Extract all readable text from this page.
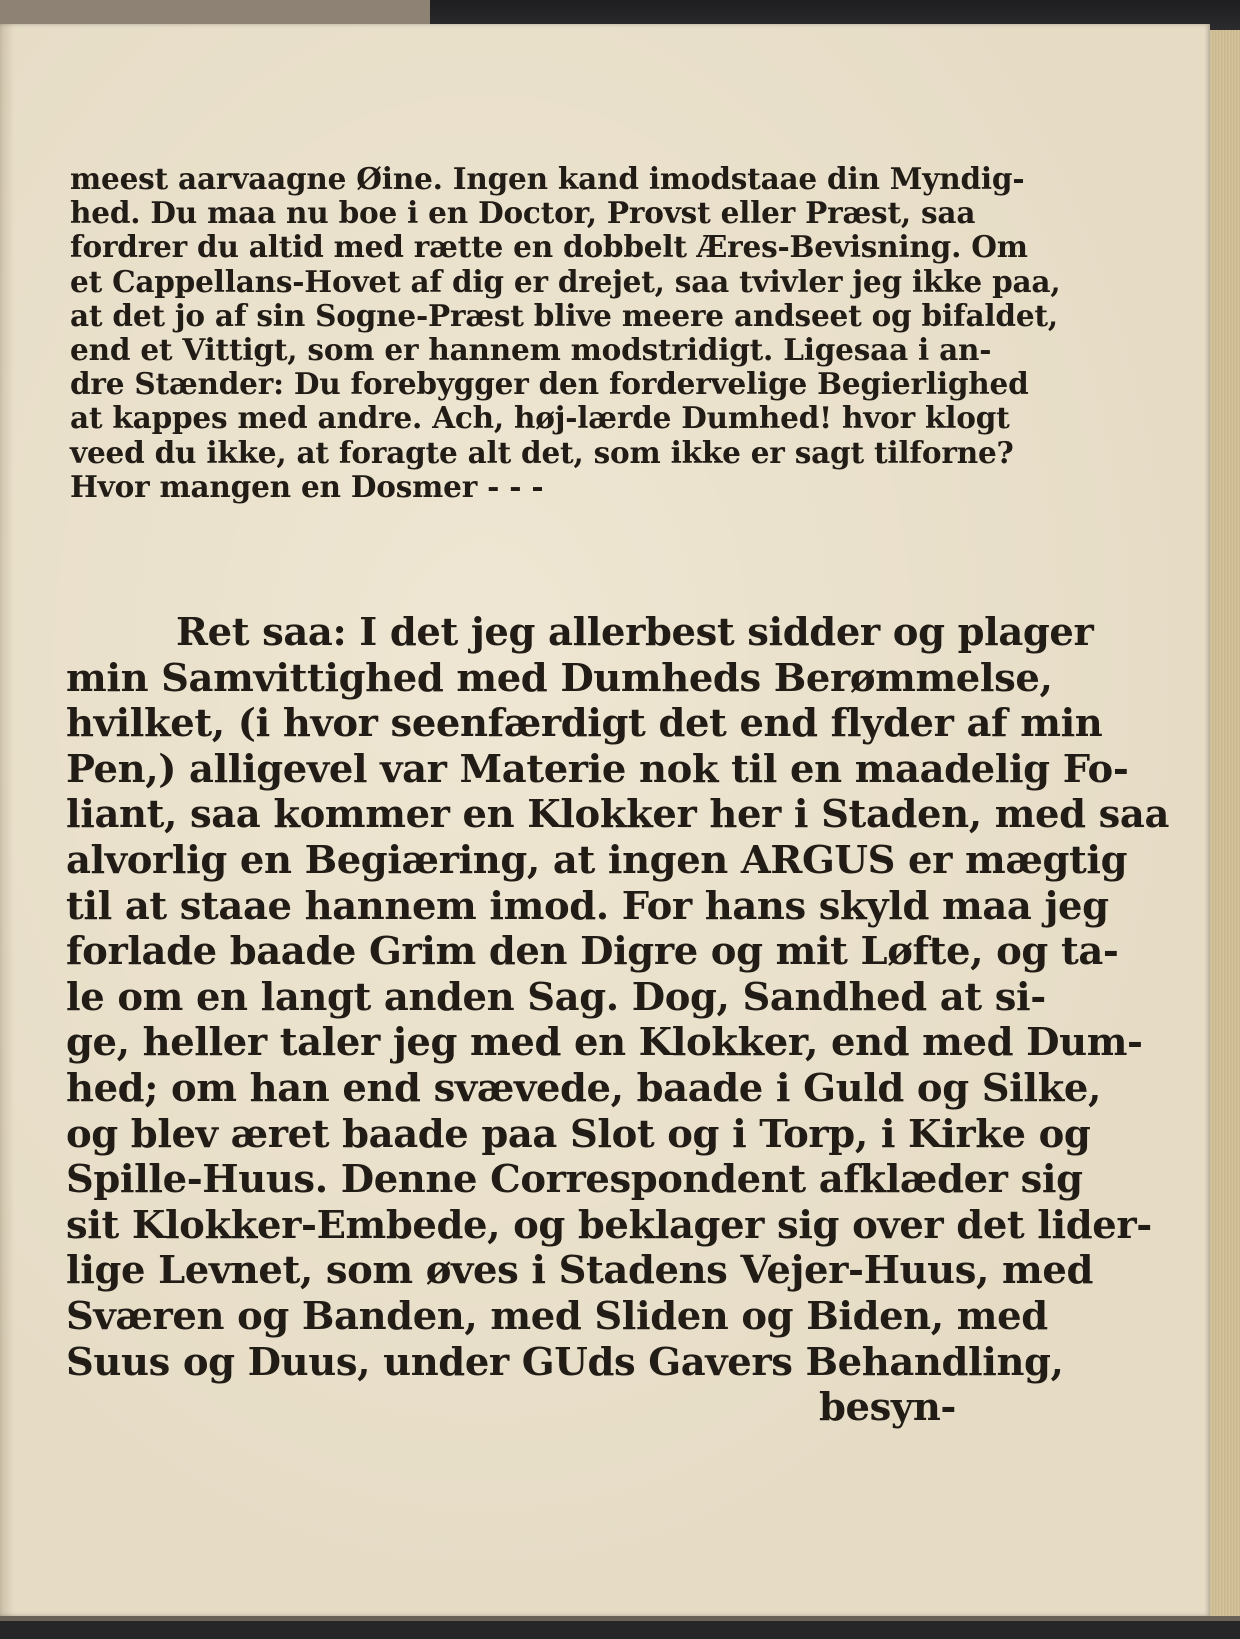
meest aarvaagne Øine. Ingen kand imodstaae din Myndig-
hed. Du maa nu boe i en Doctor, Provst eller Præst, saa
fordrer du altid med rætte en dobbelt Æres-Bevisning. Om
et Cappellans-Hovet af dig er drejet, saa tvivler jeg ikke paa,
at det jo af sin Sogne-Præst blive meere andseet og bifaldet,
end et Vittigt, som er hannem modstridigt. Ligesaa i an-
dre Stænder: Du forebygger den fordervelige Begierlighed
at kappes med andre. Ach, høj-lærde Dumhed! hvor klogt
veed du ikke, at foragte alt det, som ikke er sagt tilforne?
Hvor mangen en Dosmer - - -
Ret saa: I det jeg allerbest sidder og plager
min Samvittighed med Dumheds Berømmelse,
hvilket, (i hvor seenfærdigt det end flyder af min
Pen,) alligevel var Materie nok til en maadelig Fo-
liant, saa kommer en Klokker her i Staden, med saa
alvorlig en Begiæring, at ingen ARGUS er mægtig
til at staae hannem imod. For hans skyld maa jeg
forlade baade Grim den Digre og mit Løfte, og ta-
le om en langt anden Sag. Dog, Sandhed at si-
ge, heller taler jeg med en Klokker, end med Dum-
hed; om han end svævede, baade i Guld og Silke,
og blev æret baade paa Slot og i Torp, i Kirke og
Spille-Huus. Denne Correspondent afklæder sig
sit Klokker-Embede, og beklager sig over det lider-
lige Levnet, som øves i Stadens Vejer-Huus, med
Sværen og Banden, med Sliden og Biden, med
Suus og Duus, under GUds Gavers Behandling,
besyn-
